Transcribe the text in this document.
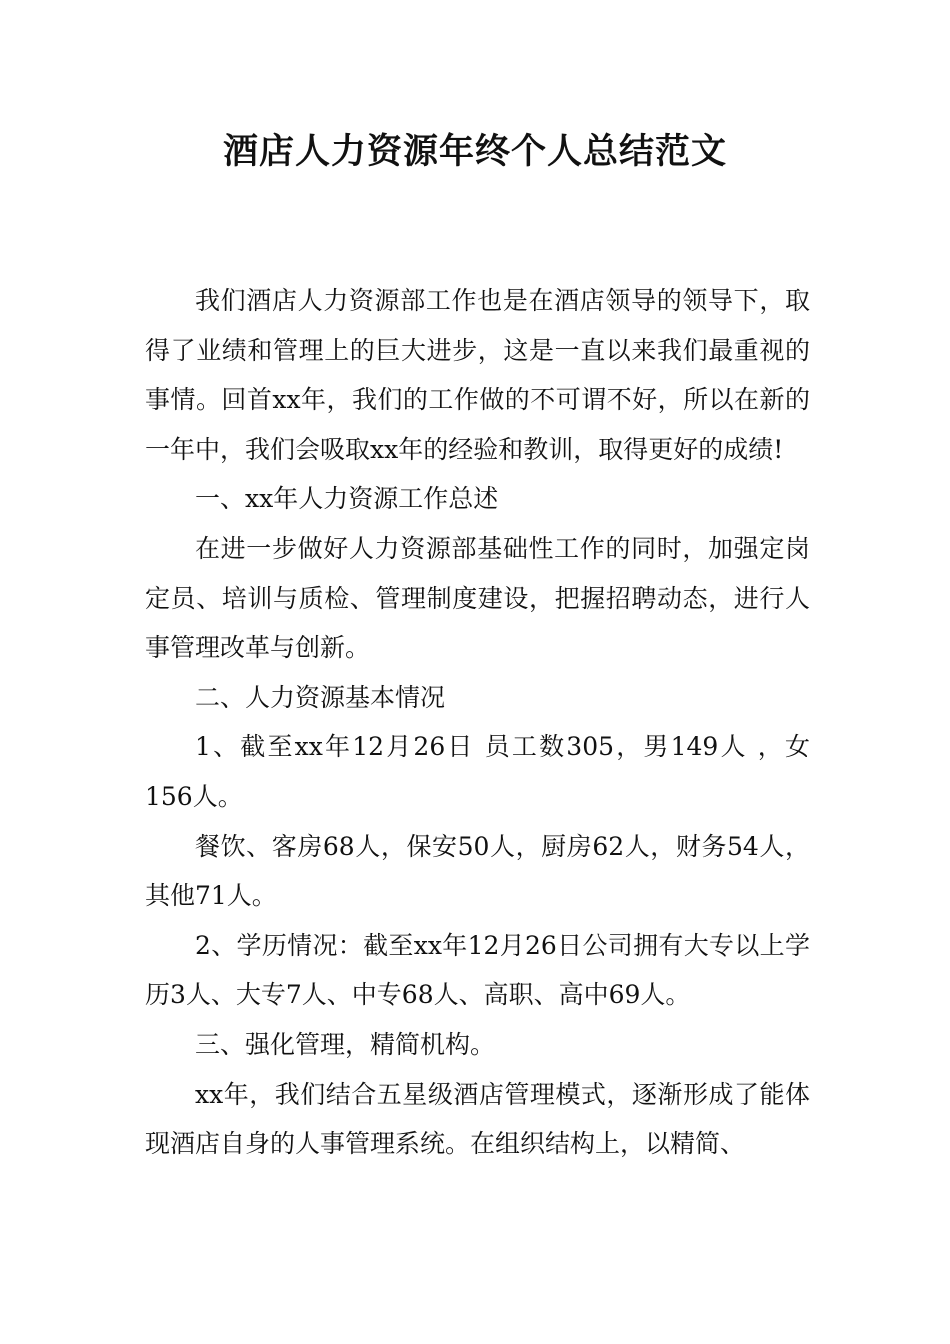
酒店人力资源年终个人总结范文

我们酒店人力资源部工作也是在酒店领导的领导下，取得了业绩和管理上的巨大进步，这是一直以来我们最重视的事情。回首xx年，我们的工作做的不可谓不好，所以在新的一年中，我们会吸取xx年的经验和教训，取得更好的成绩!

一、xx年人力资源工作总述

在进一步做好人力资源部基础性工作的同时，加强定岗定员、培训与质检、管理制度建设，把握招聘动态，进行人事管理改革与创新。

二、人力资源基本情况

1、截至xx年12月26日 员工数305，男149人 ，女156人。

餐饮、客房68人，保安50人，厨房62人，财务54人，其他71人。

2、学历情况：截至xx年12月26日公司拥有大专以上学历3人、大专7人、中专68人、高职、高中69人。

三、强化管理，精简机构。

xx年，我们结合五星级酒店管理模式，逐渐形成了能体现酒店自身的人事管理系统。在组织结构上，以精简、
